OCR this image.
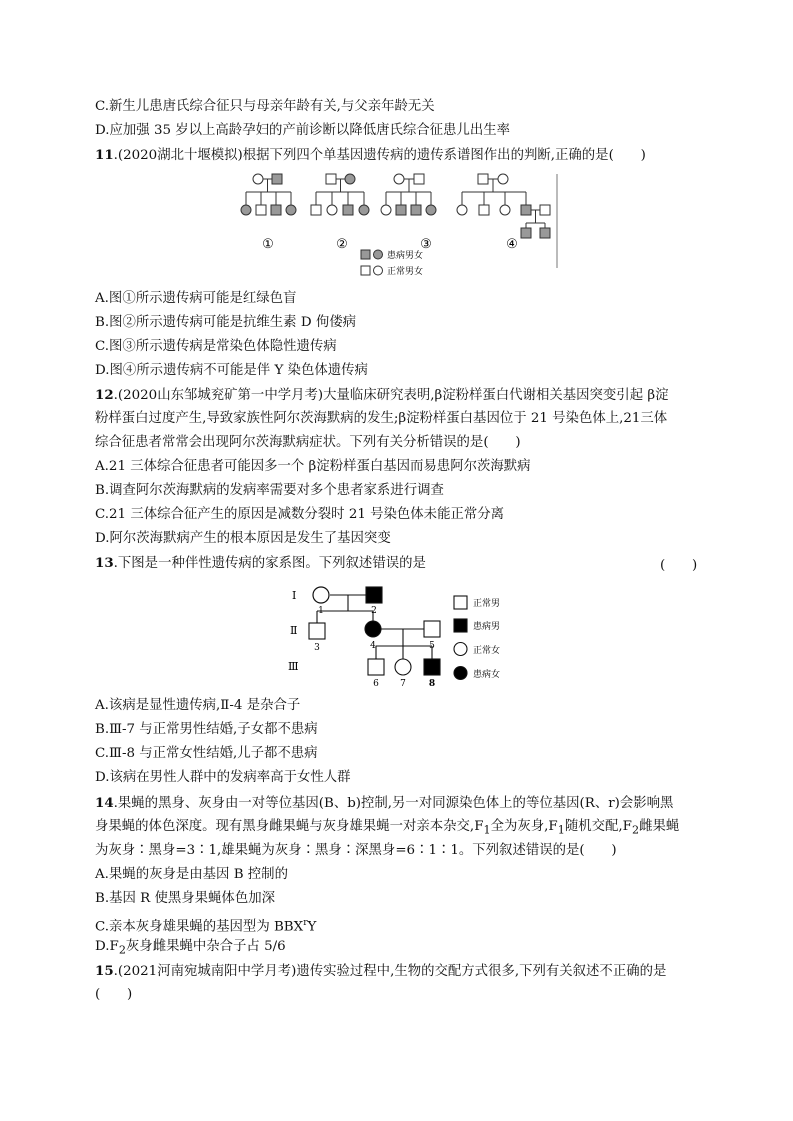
C.新生儿患唐氏综合征只与母亲年龄有关,与父亲年龄无关
D.应加强 35 岁以上高龄孕妇的产前诊断以降低唐氏综合征患儿出生率
11.(2020湖北十堰模拟)根据下列四个单基因遗传病的遗传系谱图作出的判断,正确的是(　　)
①	②	③	④
患病男女
正常男女
A.图①所示遗传病可能是红绿色盲
B.图②所示遗传病可能是抗维生素 D 佝偻病
C.图③所示遗传病是常染色体隐性遗传病
D.图④所示遗传病不可能是伴 Y 染色体遗传病
12.(2020山东邹城兖矿第一中学月考)大量临床研究表明,β淀粉样蛋白代谢相关基因突变引起 β淀
粉样蛋白过度产生,导致家族性阿尔茨海默病的发生;β淀粉样蛋白基因位于 21 号染色体上,21三体
综合征患者常常会出现阿尔茨海默病症状。下列有关分析错误的是(　　)
A.21 三体综合征患者可能因多一个 β淀粉样蛋白基因而易患阿尔茨海默病
B.调查阿尔茨海默病的发病率需要对多个患者家系进行调查
C.21 三体综合征产生的原因是减数分裂时 21 号染色体未能正常分离
D.阿尔茨海默病产生的根本原因是发生了基因突变
13.下图是一种伴性遗传病的家系图。下列叙述错误的是	(　　)
Ⅰ
Ⅱ
Ⅲ
1	2
3	4	5
6 7	8
正常男
患病男
正常女
患病女
A.该病是显性遗传病,Ⅱ-4 是杂合子
B.Ⅲ-7 与正常男性结婚,子女都不患病
C.Ⅲ-8 与正常女性结婚,儿子都不患病
D.该病在男性人群中的发病率高于女性人群
14.果蝇的黑身、灰身由一对等位基因(B、b)控制,另一对同源染色体上的等位基因(R、r)会影响黑
身果蝇的体色深度。现有黑身雌果蝇与灰身雄果蝇一对亲本杂交$,F_1$全为灰身$,F_1$随机交配$,F_2$雌果蝇
为灰身∶黑身=3∶1,雄果蝇为灰身∶黑身∶深黑身=6∶1∶1。下列叙述错误的是(　　)
A.果蝇的灰身是由基因 B 控制的
B.基因 R 使黑身果蝇体色加深
C.亲本灰身雄果蝇的基因型为 BBX$^r$Y
$D.F_2$灰身雌果蝇中杂合子占 5/6
15.(2021河南宛城南阳中学月考)遗传实验过程中,生物的交配方式很多,下列有关叙述不正确的是
(　　)
